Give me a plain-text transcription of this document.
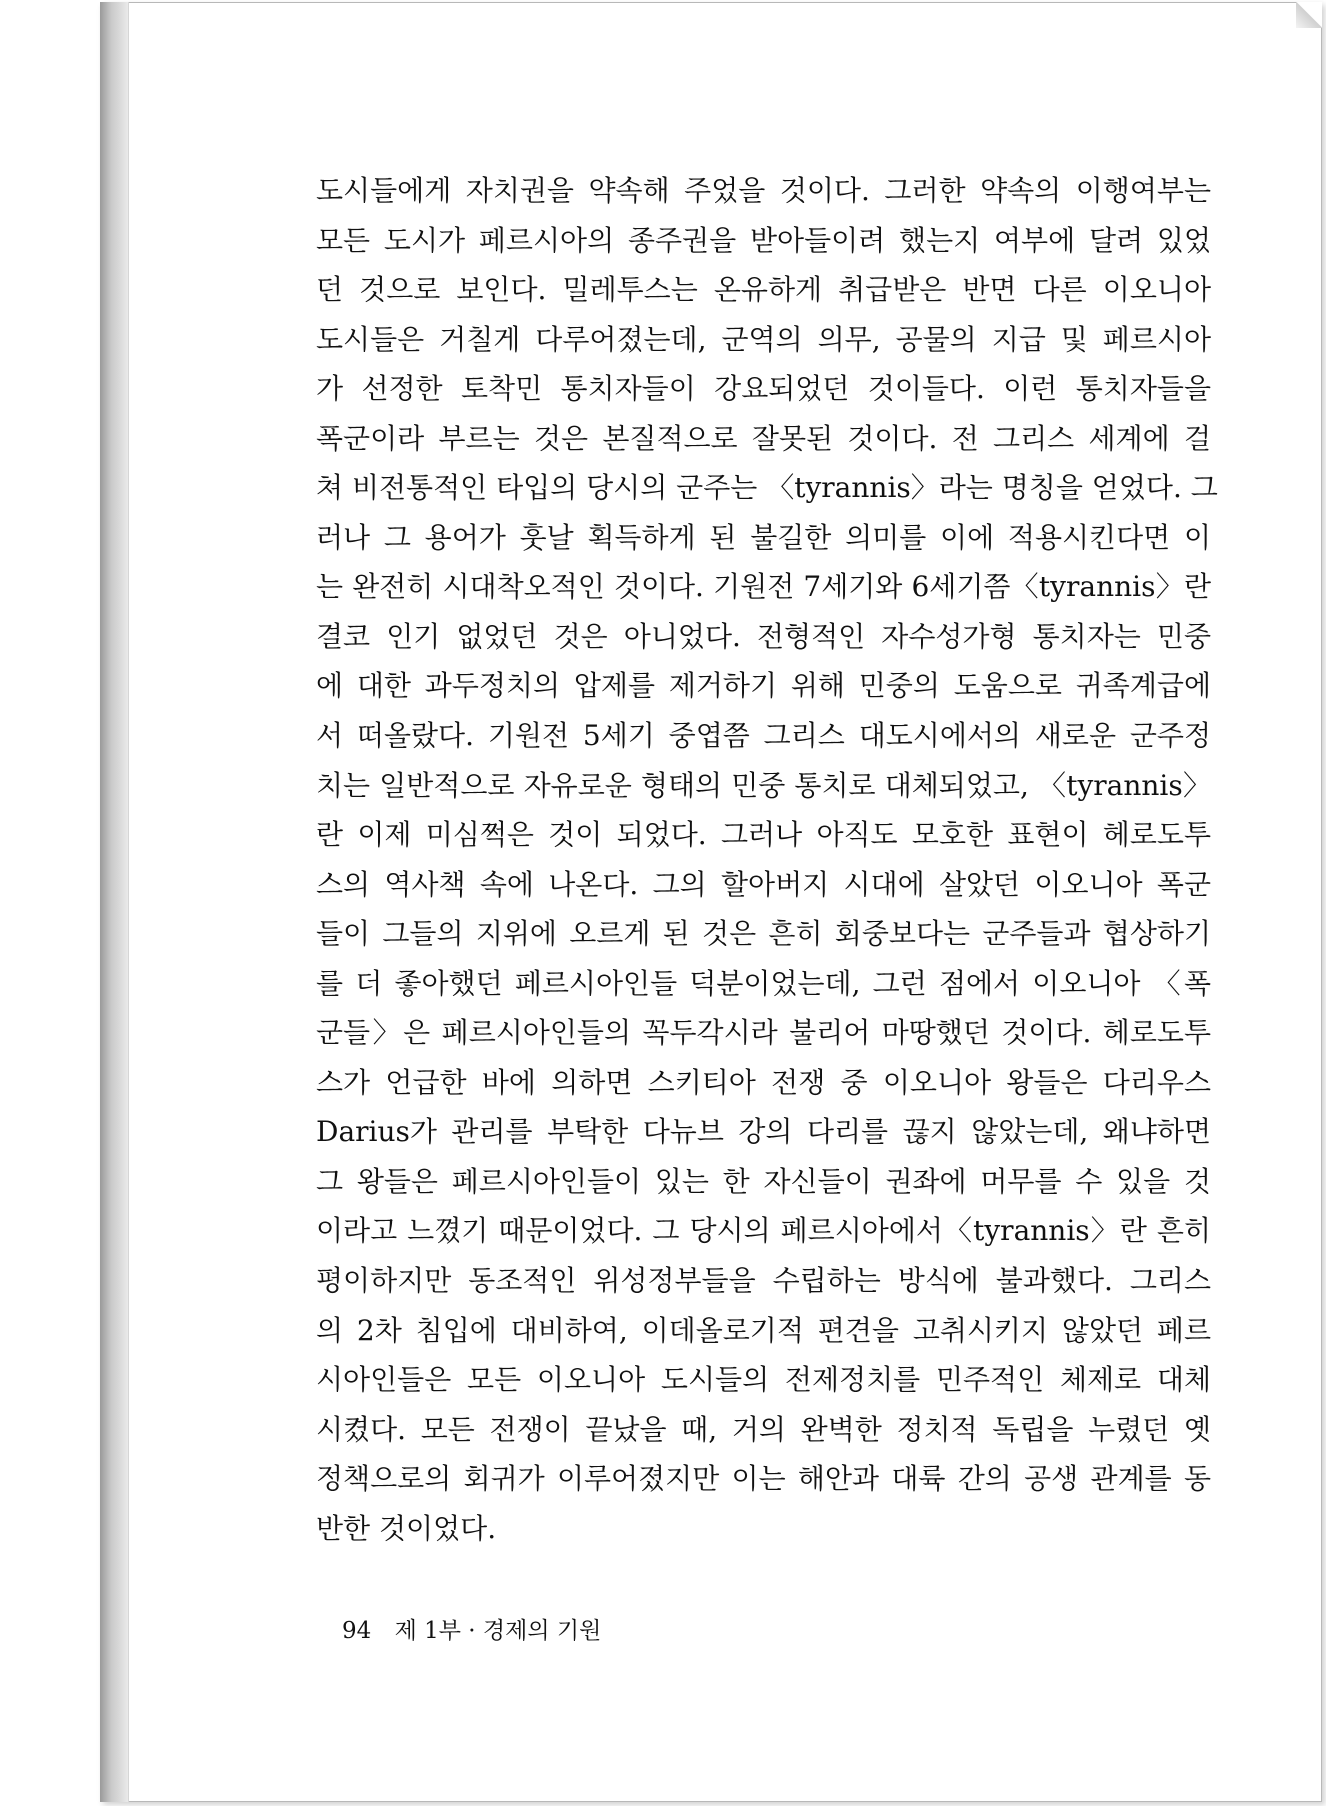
도시들에게 자치권을 약속해 주었을 것이다. 그러한 약속의 이행여부는
모든 도시가 페르시아의 종주권을 받아들이려 했는지 여부에 달려 있었
던 것으로 보인다. 밀레투스는 온유하게 취급받은 반면 다른 이오니아
도시들은 거칠게 다루어졌는데, 군역의 의무, 공물의 지급 및 페르시아
가 선정한 토착민 통치자들이 강요되었던 것이들다. 이런 통치자들을
폭군이라 부르는 것은 본질적으로 잘못된 것이다. 전 그리스 세계에 걸
쳐 비전통적인 타입의 당시의 군주는 〈tyrannis〉라는 명칭을 얻었다. 그
러나 그 용어가 훗날 획득하게 된 불길한 의미를 이에 적용시킨다면 이
는 완전히 시대착오적인 것이다. 기원전 7세기와 6세기쯤〈tyrannis〉란
결코 인기 없었던 것은 아니었다. 전형적인 자수성가형 통치자는 민중
에 대한 과두정치의 압제를 제거하기 위해 민중의 도움으로 귀족계급에
서 떠올랐다. 기원전 5세기 중엽쯤 그리스 대도시에서의 새로운 군주정
치는 일반적으로 자유로운 형태의 민중 통치로 대체되었고, 〈tyrannis〉
란 이제 미심쩍은 것이 되었다. 그러나 아직도 모호한 표현이 헤로도투
스의 역사책 속에 나온다. 그의 할아버지 시대에 살았던 이오니아 폭군
들이 그들의 지위에 오르게 된 것은 흔히 회중보다는 군주들과 협상하기
를 더 좋아했던 페르시아인들 덕분이었는데, 그런 점에서 이오니아 〈폭
군들〉은 페르시아인들의 꼭두각시라 불리어 마땅했던 것이다. 헤로도투
스가 언급한 바에 의하면 스키티아 전쟁 중 이오니아 왕들은 다리우스
Darius가 관리를 부탁한 다뉴브 강의 다리를 끊지 않았는데, 왜냐하면
그 왕들은 페르시아인들이 있는 한 자신들이 권좌에 머무를 수 있을 것
이라고 느꼈기 때문이었다. 그 당시의 페르시아에서〈tyrannis〉란 흔히
평이하지만 동조적인 위성정부들을 수립하는 방식에 불과했다. 그리스
의 2차 침입에 대비하여, 이데올로기적 편견을 고취시키지 않았던 페르
시아인들은 모든 이오니아 도시들의 전제정치를 민주적인 체제로 대체
시켰다. 모든 전쟁이 끝났을 때, 거의 완벽한 정치적 독립을 누렸던 옛
정책으로의 회귀가 이루어졌지만 이는 해안과 대륙 간의 공생 관계를 동
반한 것이었다.
94 제 1부 · 경제의 기원
